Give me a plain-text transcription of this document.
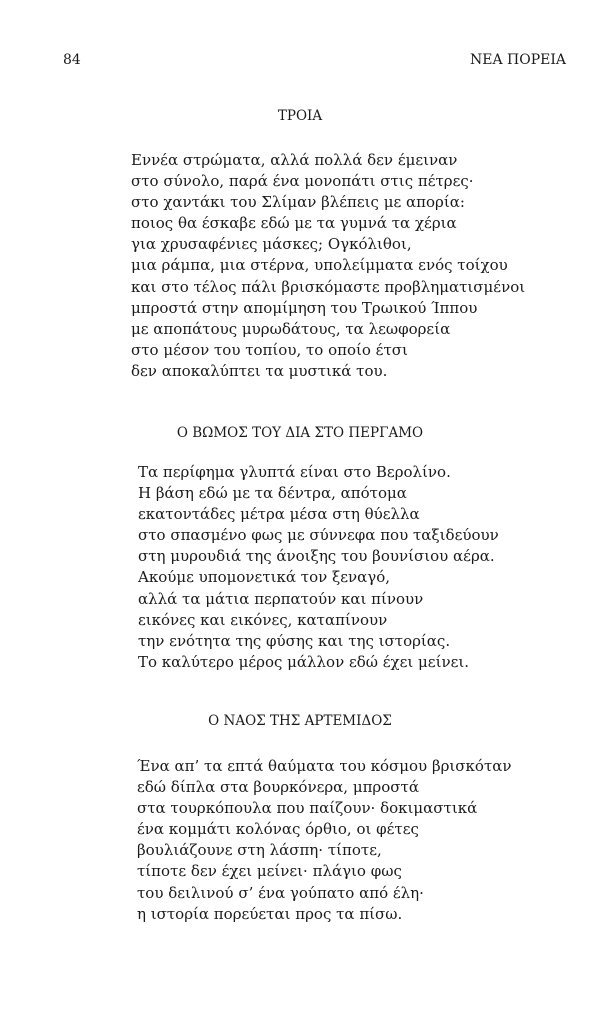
84	ΝΕΑ ΠΟΡΕΙΑ
ΤΡΟΙΑ
Εννέα στρώματα, αλλά πολλά δεν έμειναν
στο σύνολο, παρά ένα μονοπάτι στις πέτρες·
στο χαντάκι του Σλίμαν βλέπεις με απορία:
ποιος θα έσκαβε εδώ με τα γυμνά τα χέρια
για χρυσαφένιες μάσκες; Ογκόλιθοι,
μια ράμπα, μια στέρνα, υπολείμματα ενός τοίχου
και στο τέλος πάλι βρισκόμαστε προβληματισμένοι
μπροστά στην απομίμηση του Τρωικού Ίππου
με αποπάτους μυρωδάτους, τα λεωφορεία
στο μέσον του τοπίου, το οποίο έτσι
δεν αποκαλύπτει τα μυστικά του.
Ο ΒΩΜΟΣ ΤΟΥ ΔΙΑ ΣΤΟ ΠΕΡΓΑΜΟ
Τα περίφημα γλυπτά είναι στο Βερολίνο.
Η βάση εδώ με τα δέντρα, απότομα
εκατοντάδες μέτρα μέσα στη θύελλα
στο σπασμένο φως με σύννεφα που ταξιδεύουν
στη μυρουδιά της άνοιξης του βουνίσιου αέρα.
Ακούμε υπομονετικά τον ξεναγό,
αλλά τα μάτια περπατούν και πίνουν
εικόνες και εικόνες, καταπίνουν
την ενότητα της φύσης και της ιστορίας.
Το καλύτερο μέρος μάλλον εδώ έχει μείνει.
Ο ΝΑΟΣ ΤΗΣ ΑΡΤΕΜΙΔΟΣ
Ένα απ’ τα επτά θαύματα του κόσμου βρισκόταν
εδώ δίπλα στα βουρκόνερα, μπροστά
στα τουρκόπουλα που παίζουν· δοκιμαστικά
ένα κομμάτι κολόνας όρθιο, οι φέτες
βουλιάζουνε στη λάσπη· τίποτε,
τίποτε δεν έχει μείνει· πλάγιο φως
του δειλινού σ’ ένα γούπατο από έλη·
η ιστορία πορεύεται προς τα πίσω.
